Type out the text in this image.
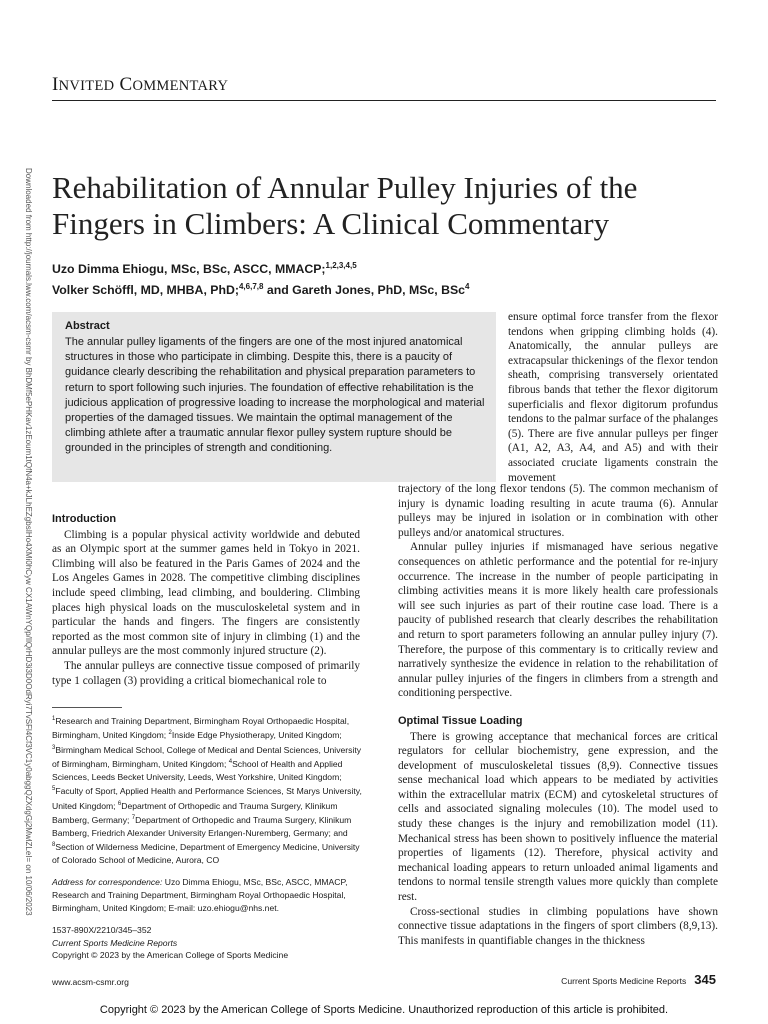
INVITED COMMENTARY
Downloaded from http://journals.lww.com/acsm-csmr by BhDMf5ePHKav1zEoum1tQfN4a+kJLhEZgbsIHo4XMi0hCyw CX1AWnYQp/IlQrHD3i3D0OdRyi7TvSFl4Cf3VC1y0abggQZXdgGj2MwlZLeI= on 10/06/2023 Rehabilitation of Annular Pulley Injuries of the Fingers in Climbers: A Clinical Commentary
Uzo Dimma Ehiogu, MSc, BSc, ASCC, MMACP;$^{1,2,3,4,5}$
Volker Schöffl, MD, MHBA, PhD;$^{4,6,7,8}$ and Gareth Jones, PhD, MSc, BSc$^4$
Abstract

The annular pulley ligaments of the fingers are one of the most injured anatomical structures in those who participate in climbing. Despite this, there is a paucity of guidance clearly describing the rehabilitation and physical preparation parameters to return to sport following such injuries. The foundation of effective rehabilitation is the judicious application of progressive loading to increase the morphological and material properties of the damaged tissues. We maintain the optimal management of the climbing athlete after a traumatic annular flexor pulley system rupture should be grounded in the principles of strength and conditioning.

ensure optimal force transfer from the flexor tendons when gripping climbing holds (4). Anatomically, the annular pulleys are extracapsular thickenings of the flexor tendon sheath, comprising transversely orientated fibrous bands that tether the flexor digitorum superficialis and flexor digitorum profundus tendons to the palmar surface of the phalanges (5). There are five annular pulleys per finger (A1, A2, A3, A4, and A5) and with their associated cruciate ligaments constrain the movement

Introduction

Climbing is a popular physical activity worldwide and debuted as an Olympic sport at the summer games held in Tokyo in 2021. Climbing will also be featured in the Paris Games of 2024 and the Los Angeles Games in 2028. The competitive climbing disciplines include speed climbing, lead climbing, and bouldering. Climbing places high physical loads on the musculoskeletal system and in particular the hands and fingers. The fingers are consistently reported as the most common site of injury in climbing (1) and the annular pulleys are the most commonly injured structure (2).

The annular pulleys are connective tissue composed of primarily type 1 collagen (3) providing a critical biomechanical role to

trajectory of the long flexor tendons (5). The common mechanism of injury is dynamic loading resulting in acute trauma (6). Annular pulleys may be injured in isolation or in combination with other pulleys and/or anatomical structures.

Annular pulley injuries if mismanaged have serious negative consequences on athletic performance and the potential for re-injury occurrence. The increase in the number of people participating in climbing activities means it is more likely health care professionals will see such injuries as part of their routine case load. There is a paucity of published research that clearly describes the rehabilitation and return to sport parameters following an annular pulley injury (7). Therefore, the purpose of this commentary is to critically review and narratively synthesize the evidence in relation to the rehabilitation of annular pulley injuries of the fingers in climbers from a strength and conditioning perspective.

Optimal Tissue Loading

There is growing acceptance that mechanical forces are critical regulators for cellular biochemistry, gene expression, and the development of musculoskeletal tissues (8,9). Connective tissues sense mechanical load which appears to be mediated by activities within the extracellular matrix (ECM) and cytoskeletal structures of cells and associated signaling molecules (10). The model used to study these changes is the injury and remobilization model (11). Mechanical stress has been shown to positively influence the material properties of ligaments (12). Therefore, physical activity and mechanical loading appears to return unloaded animal ligaments and tendons to normal tensile strength values more quickly than complete rest.

Cross-sectional studies in climbing populations have shown connective tissue adaptations in the fingers of sport climbers (8,9,13). This manifests in quantifiable changes in the thickness

$^1$Research and Training Department, Birmingham Royal Orthopaedic Hospital, Birmingham, United Kingdom; $^2$Inside Edge Physiotherapy, United Kingdom; $^3$Birmingham Medical School, College of Medical and Dental Sciences, University of Birmingham, Birmingham, United Kingdom; $^4$School of Health and Applied Sciences, Leeds Becket University, Leeds, West Yorkshire, United Kingdom; $^5$Faculty of Sport, Applied Health and Performance Sciences, St Marys University, United Kingdom; $^6$Department of Orthopedic and Trauma Surgery, Klinikum Bamberg, Germany; $^7$Department of Orthopedic and Trauma Surgery, Klinikum Bamberg, Friedrich Alexander University Erlangen-Nuremberg, Germany; and $^8$Section of Wilderness Medicine, Department of Emergency Medicine, University of Colorado School of Medicine, Aurora, CO

Address for correspondence: Uzo Dimma Ehiogu, MSc, BSc, ASCC, MMACP, Research and Training Department, Birmingham Royal Orthopaedic Hospital, Birmingham, United Kingdom; E-mail: uzo.ehiogu@nhs.net.

1537-890X/2210/345–352
Current Sports Medicine Reports
Copyright © 2023 by the American College of Sports Medicine
www.acsm-csmr.org	Current Sports Medicine Reports 345
Copyright © 2023 by the American College of Sports Medicine. Unauthorized reproduction of this article is prohibited.
